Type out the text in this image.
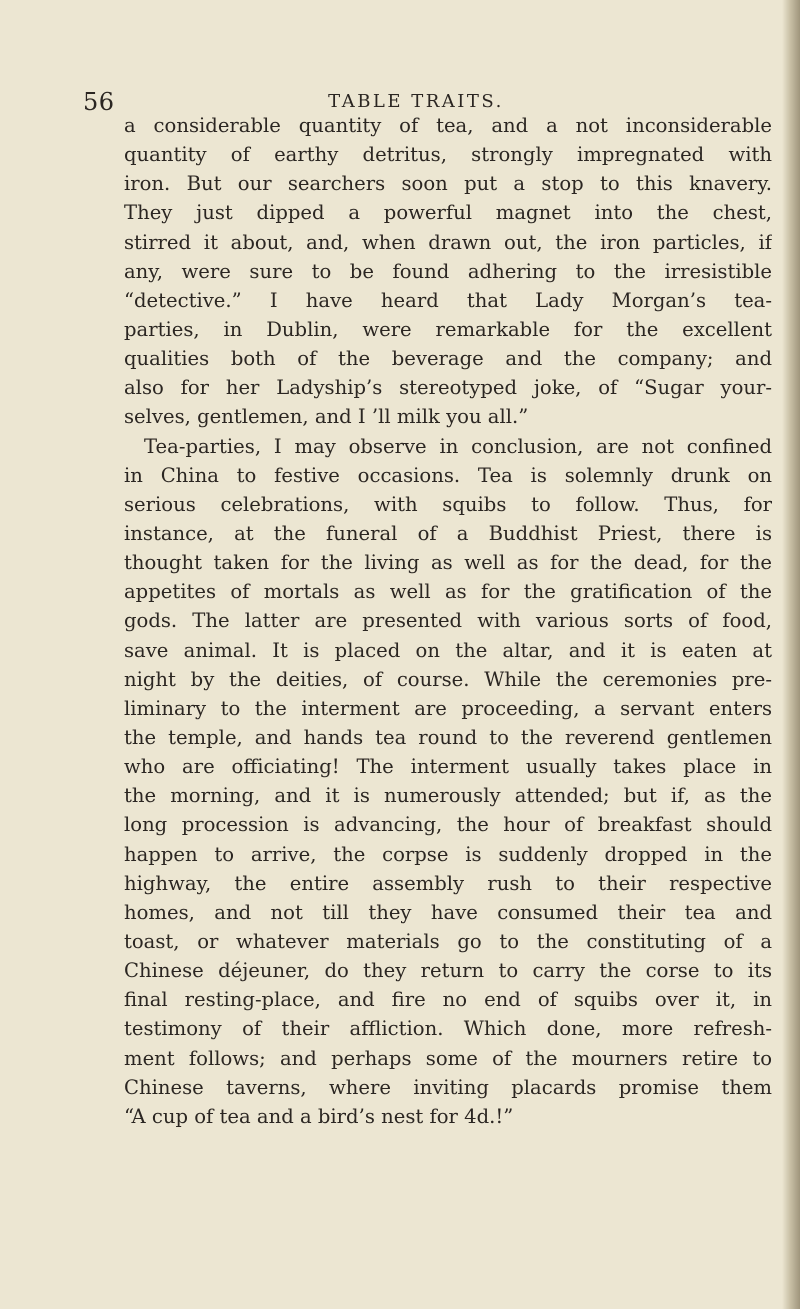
56	TABLE TRAITS.
a considerable quantity of tea, and a not inconsiderable
quantity of earthy detritus, strongly impregnated with
iron. But our searchers soon put a stop to this knavery.
They just dipped a powerful magnet into the chest,
stirred it about, and, when drawn out, the iron particles, if
any, were sure to be found adhering to the irresistible
“detective.” I have heard that Lady Morgan’s tea-
parties, in Dublin, were remarkable for the excellent
qualities both of the beverage and the company; and
also for her Ladyship’s stereotyped joke, of “Sugar your-
selves, gentlemen, and I ’ll milk you all.”
Tea-parties, I may observe in conclusion, are not confined
in China to festive occasions. Tea is solemnly drunk on
serious celebrations, with squibs to follow. Thus, for
instance, at the funeral of a Buddhist Priest, there is
thought taken for the living as well as for the dead, for the
appetites of mortals as well as for the gratification of the
gods. The latter are presented with various sorts of food,
save animal. It is placed on the altar, and it is eaten at
night by the deities, of course. While the ceremonies pre-
liminary to the interment are proceeding, a servant enters
the temple, and hands tea round to the reverend gentlemen
who are officiating! The interment usually takes place in
the morning, and it is numerously attended; but if, as the
long procession is advancing, the hour of breakfast should
happen to arrive, the corpse is suddenly dropped in the
highway, the entire assembly rush to their respective
homes, and not till they have consumed their tea and
toast, or whatever materials go to the constituting of a
Chinese déjeuner, do they return to carry the corse to its
final resting-place, and fire no end of squibs over it, in
testimony of their affliction. Which done, more refresh-
ment follows; and perhaps some of the mourners retire to
Chinese taverns, where inviting placards promise them
“A cup of tea and a bird’s nest for 4d.!”
